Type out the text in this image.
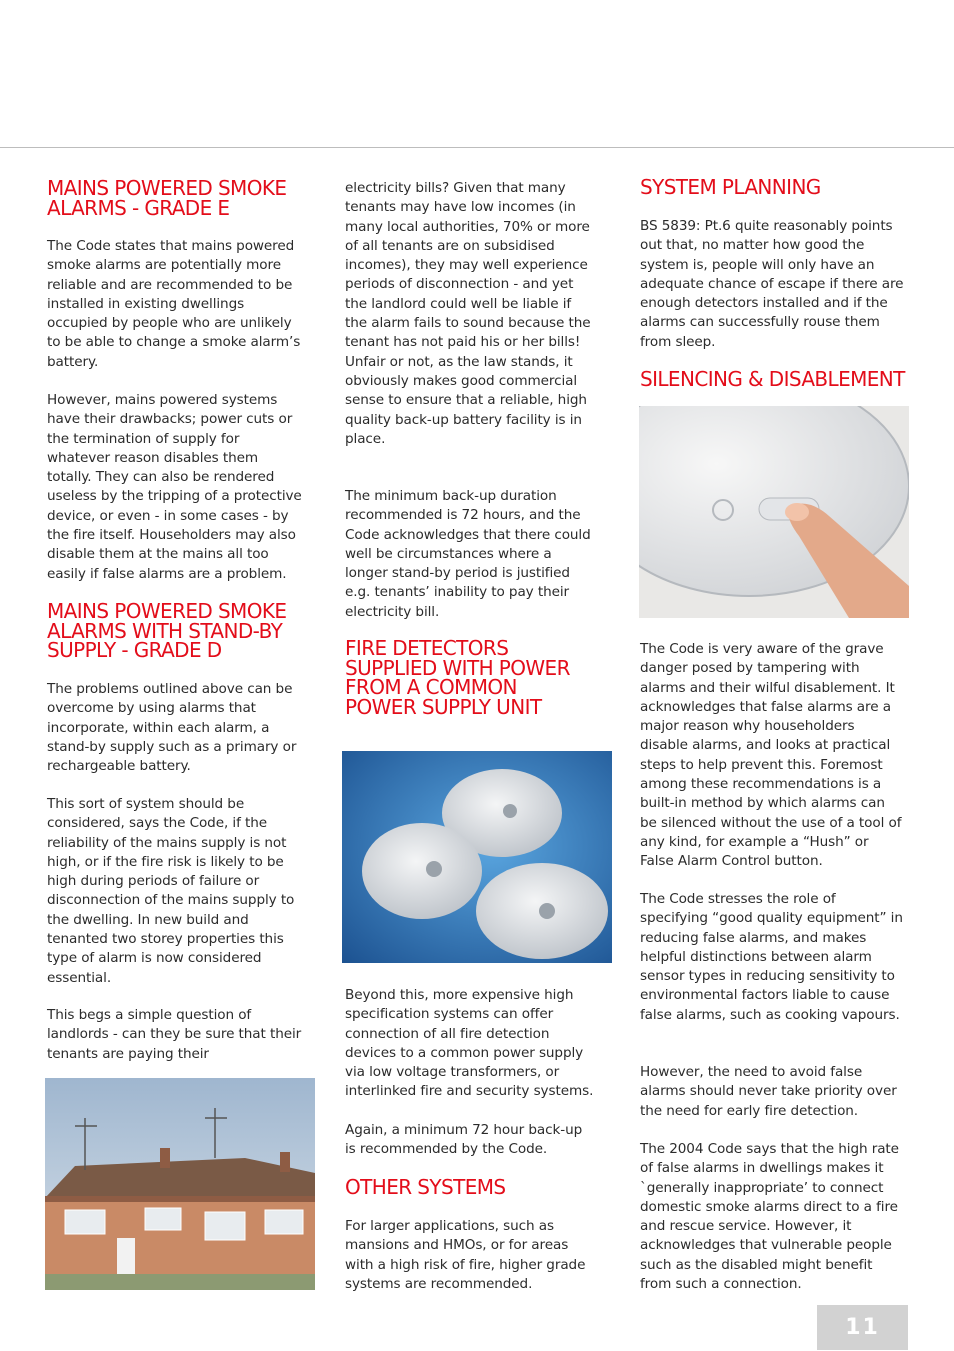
MAINS POWERED SMOKE ALARMS - GRADE E

The Code states that mains powered smoke alarms are potentially more reliable and are recommended to be installed in existing dwellings occupied by people who are unlikely to be able to change a smoke alarm’s battery.

However, mains powered systems have their drawbacks; power cuts or the termination of supply for whatever reason disables them totally. They can also be rendered useless by the tripping of a protective device, or even - in some cases - by the fire itself. Householders may also disable them at the mains all too easily if false alarms are a problem.

MAINS POWERED SMOKE ALARMS WITH STAND-BY SUPPLY - GRADE D

The problems outlined above can be overcome by using alarms that incorporate, within each alarm, a stand-by supply such as a primary or rechargeable battery.

This sort of system should be considered, says the Code, if the reliability of the mains supply is not high, or if the fire risk is likely to be high during periods of failure or disconnection of the mains supply to the dwelling. In new build and tenanted two storey properties this type of alarm is now considered essential.

This begs a simple question of landlords - can they be sure that their tenants are paying their

electricity bills? Given that many tenants may have low incomes (in many local authorities, 70% or more of all tenants are on subsidised incomes), they may well experience periods of disconnection - and yet the landlord could well be liable if the alarm fails to sound because the tenant has not paid his or her bills! Unfair or not, as the law stands, it obviously makes good commercial sense to ensure that a reliable, high quality back-up battery facility is in place.

The minimum back-up duration recommended is 72 hours, and the Code acknowledges that there could well be circumstances where a longer stand-by period is justified e.g. tenants’ inability to pay their electricity bill.

FIRE DETECTORS SUPPLIED WITH POWER FROM A COMMON POWER SUPPLY UNIT

Beyond this, more expensive high specification systems can offer connection of all fire detection devices to a common power supply via low voltage transformers, or interlinked fire and security systems.

Again, a minimum 72 hour back-up is recommended by the Code.

OTHER SYSTEMS

For larger applications, such as mansions and HMOs, or for areas with a high risk of fire, higher grade systems are recommended.

SYSTEM PLANNING

BS 5839: Pt.6 quite reasonably points out that, no matter how good the system is, people will only have an adequate chance of escape if there are enough detectors installed and if the alarms can successfully rouse them from sleep.

SILENCING & DISABLEMENT

The Code is very aware of the grave danger posed by tampering with alarms and their wilful disablement. It acknowledges that false alarms are a major reason why householders disable alarms, and looks at practical steps to help prevent this. Foremost among these recommendations is a built-in method by which alarms can be silenced without the use of a tool of any kind, for example a “Hush” or False Alarm Control button.

The Code stresses the role of specifying “good quality equipment” in reducing false alarms, and makes helpful distinctions between alarm sensor types in reducing sensitivity to environmental factors liable to cause false alarms, such as cooking vapours.

However, the need to avoid false alarms should never take priority over the need for early fire detection.

The 2004 Code says that the high rate of false alarms in dwellings makes it `generally inappropriate’ to connect domestic smoke alarms direct to a fire and rescue service. However, it acknowledges that vulnerable people such as the disabled might benefit from such a connection.

11
